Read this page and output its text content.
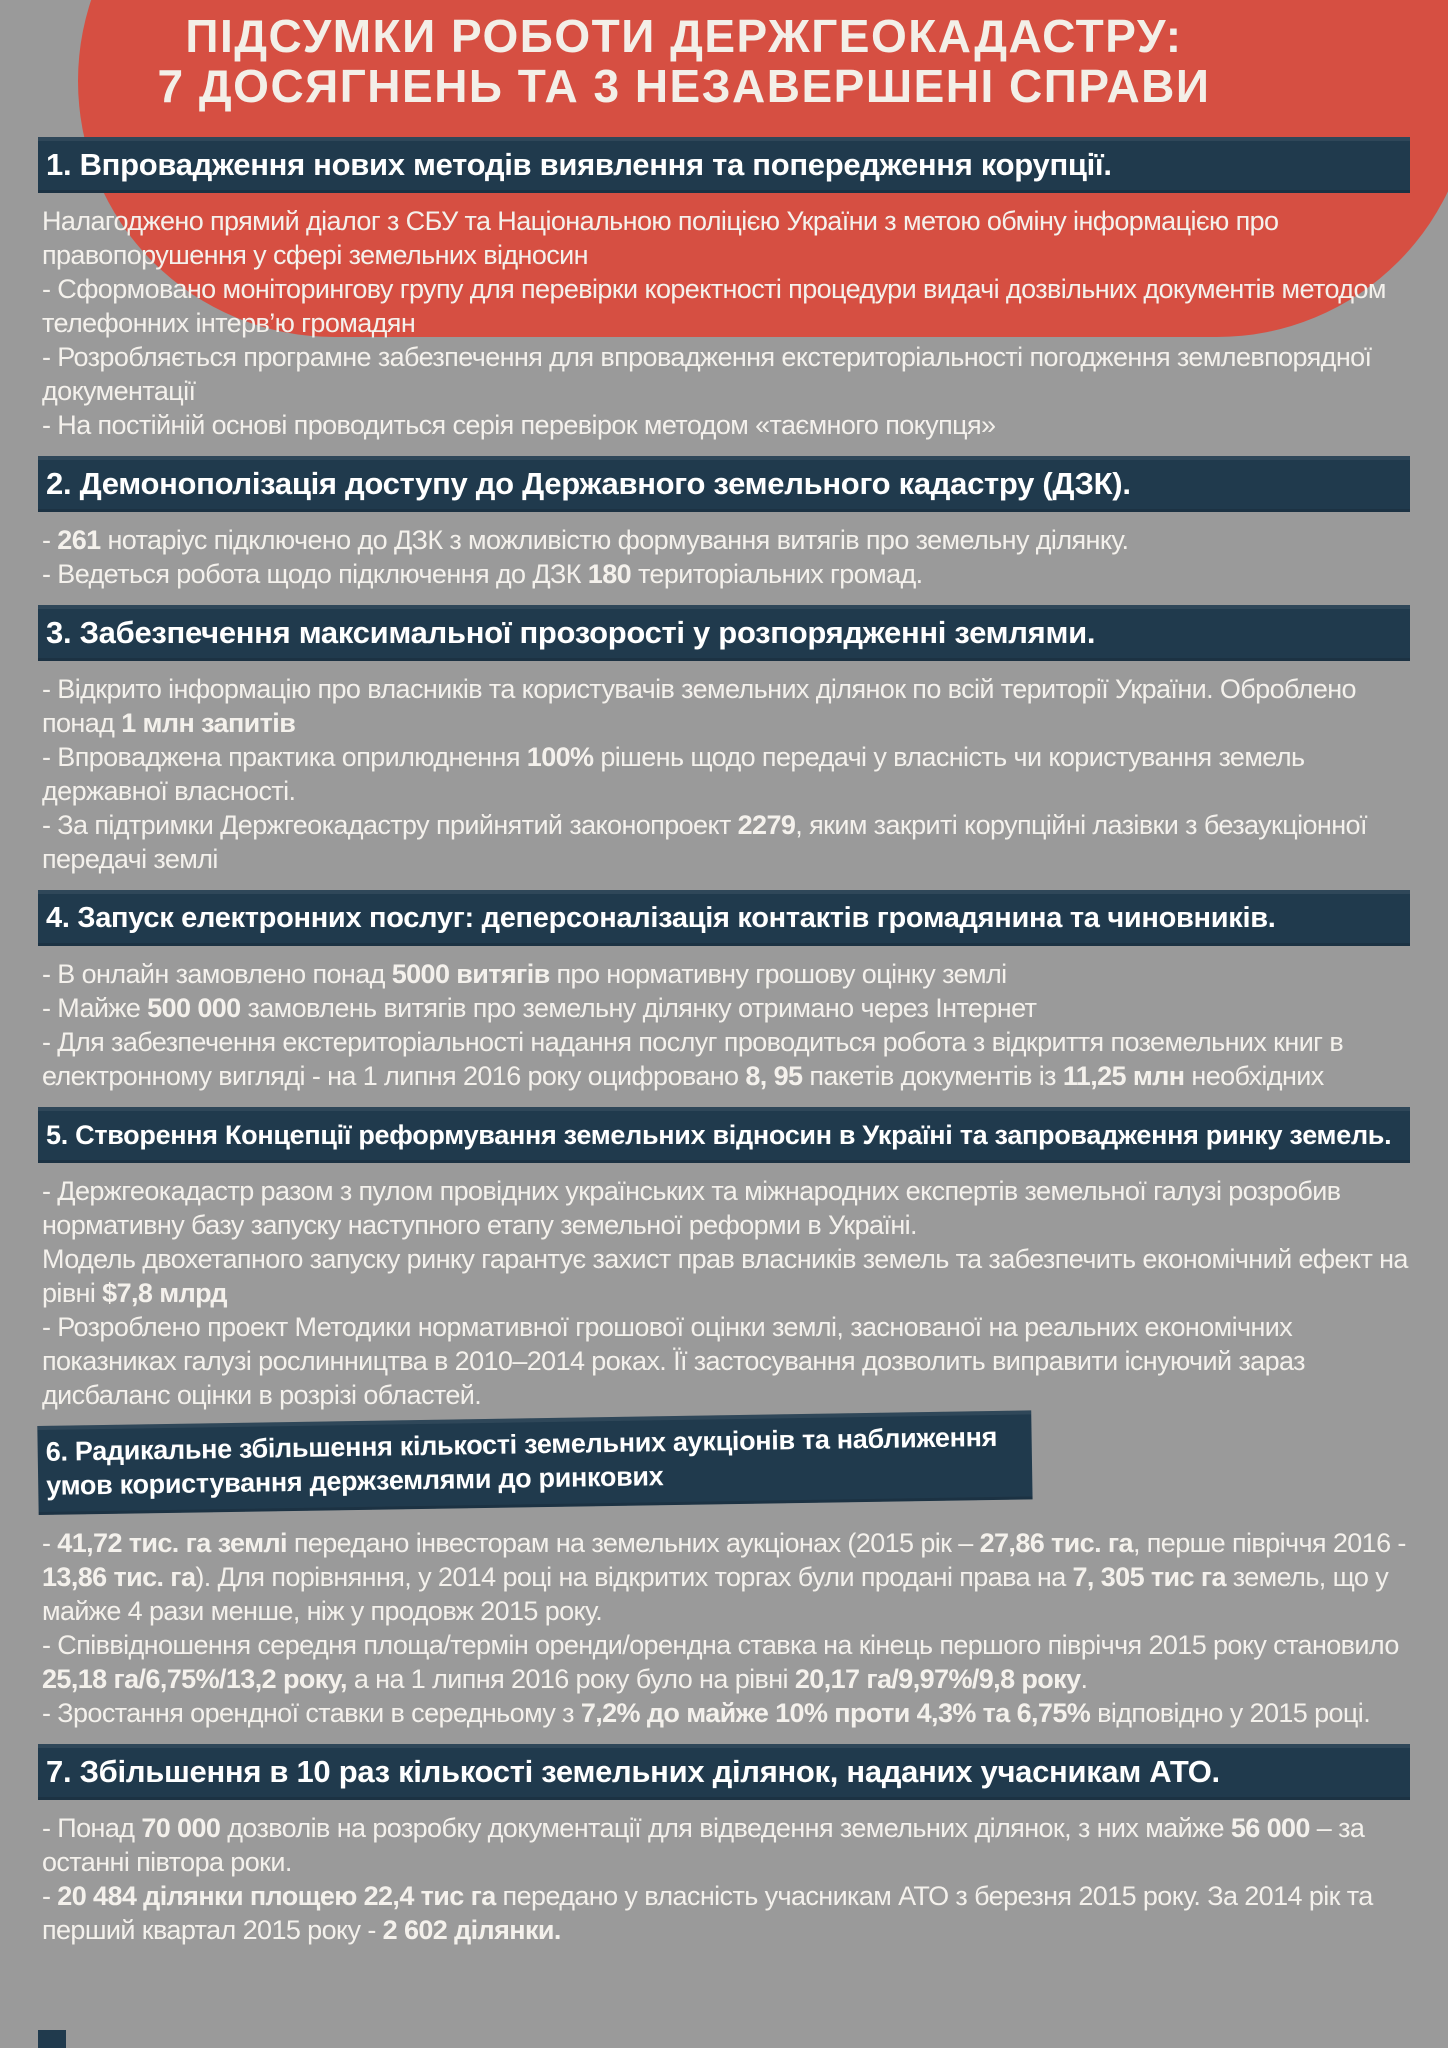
ПІДСУМКИ РОБОТИ ДЕРЖГЕОКАДАСТРУ:
7 ДОСЯГНЕНЬ ТА 3 НЕЗАВЕРШЕНІ СПРАВИ
1. Впровадження нових методів виявлення та попередження корупції.

Налагоджено прямий діалог з СБУ та Національною поліцією України з метою обміну інформацією про правопорушення у сфері земельних відносин

- Сформовано моніторингову групу для перевірки коректності процедури видачі дозвільних документів методом телефонних інтерв’ю громадян

- Розробляється програмне забезпечення для впровадження екстериторіальності погодження землевпорядної документації

- На постійній основі проводиться серія перевірок методом «таємного покупця»

2. Демонополізація доступу до Державного земельного кадастру (ДЗК).

- 261 нотаріус підключено до ДЗК з можливістю формування витягів про земельну ділянку.

- Ведеться робота щодо підключення до ДЗК 180 територіальних громад.

3. Забезпечення максимальної прозорості у розпорядженні землями.

- Відкрито інформацію про власників та користувачів земельних ділянок по всій території України. Оброблено понад 1 млн запитів

- Впроваджена практика оприлюднення 100% рішень щодо передачі у власність чи користування земель державної власності.

- За підтримки Держгеокадастру прийнятий законопроект 2279, яким закриті корупційні лазівки з безаукціонної передачі землі

4. Запуск електронних послуг: деперсоналізація контактів громадянина та чиновників.

- В онлайн замовлено понад 5000 витягів про нормативну грошову оцінку землі

- Майже 500 000 замовлень витягів про земельну ділянку отримано через Інтернет

- Для забезпечення екстериторіальності надання послуг проводиться робота з відкриття поземельних книг в електронному вигляді - на 1 липня 2016 року оцифровано 8, 95 пакетів документів із 11,25 млн необхідних

5. Створення Концепції реформування земельних відносин в Україні та запровадження ринку земель.

- Держгеокадастр разом з пулом провідних українських та міжнародних експертів земельної галузі розробив нормативну базу запуску наступного етапу земельної реформи в Україні.

Модель двохетапного запуску ринку гарантує захист прав власників земель та забезпечить економічний ефект на рівні $7,8 млрд

- Розроблено проект Методики нормативної грошової оцінки землі, заснованої на реальних економічних показниках галузі рослинництва в 2010–2014 роках. Її застосування дозволить виправити існуючий зараз дисбаланс оцінки в розрізі областей.

6. Радикальне збільшення кількості земельних аукціонів та наближення умов користування держземлями до ринкових

- 41,72 тис. га землі передано інвесторам на земельних аукціонах (2015 рік – 27,86 тис. га, перше півріччя 2016 - 13,86 тис. га). Для порівняння, у 2014 році на відкритих торгах були продані права на 7, 305 тис га земель, що у майже 4 рази менше, ніж у продовж 2015 року.

- Співвідношення середня площа/термін оренди/орендна ставка на кінець першого півріччя 2015 року становило 25,18 га/6,75%/13,2 року, а на 1 липня 2016 року було на рівні 20,17 га/9,97%/9,8 року.

- Зростання орендної ставки в середньому з 7,2% до майже 10% проти 4,3% та 6,75% відповідно у 2015 році.

7. Збільшення в 10 раз кількості земельних ділянок, наданих учасникам АТО.

- Понад 70 000 дозволів на розробку документації для відведення земельних ділянок, з них майже 56 000 – за останні півтора роки.

- 20 484 ділянки площею 22,4 тис га передано у власність учасникам АТО з березня 2015 року. За 2014 рік та перший квартал 2015 року - 2 602 ділянки.
